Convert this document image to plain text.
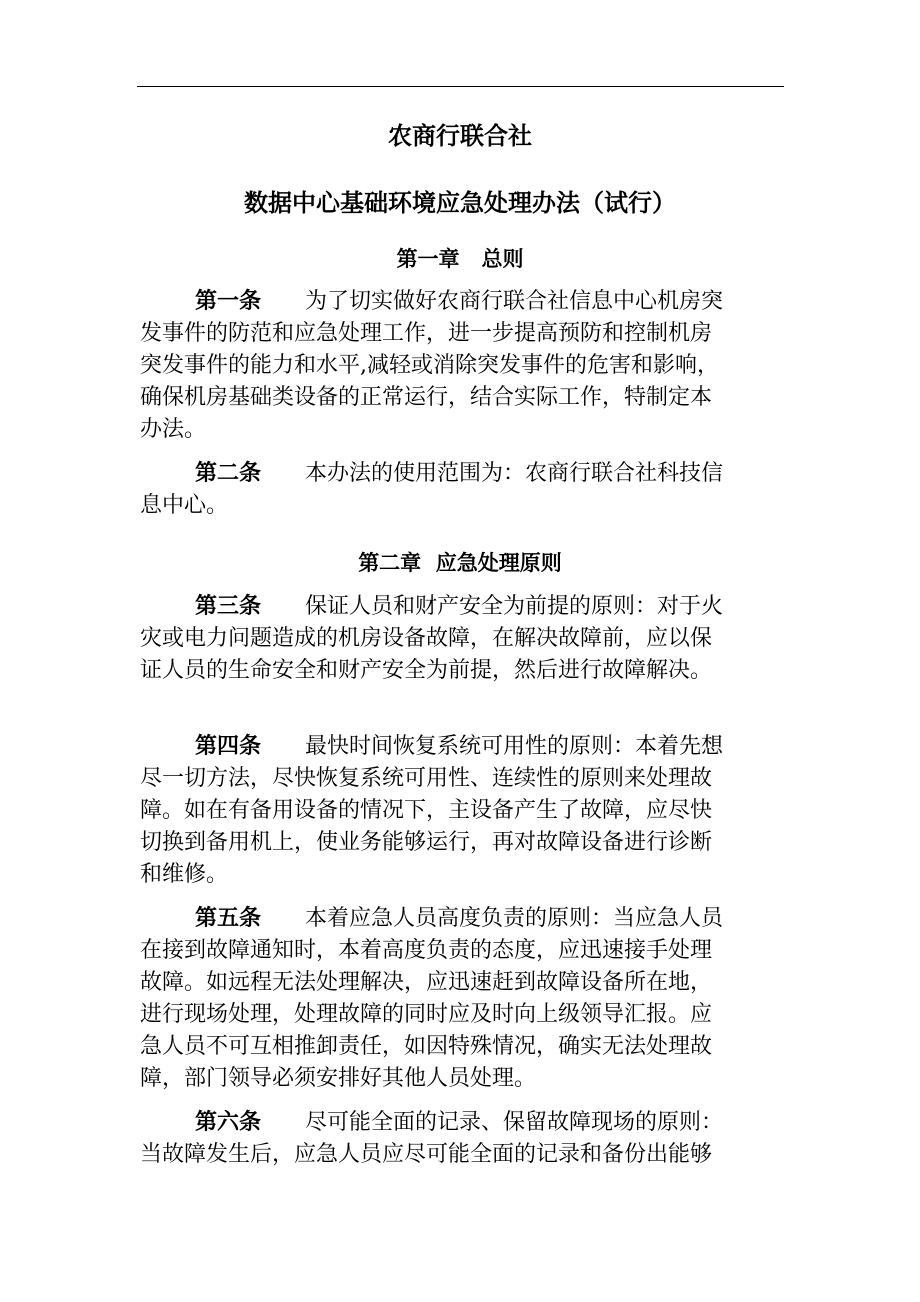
农商行联合社
数据中心基础环境应急处理办法（试行）
第一章   总则
第一条 为了切实做好农商行联合社信息中心机房突
发事件的防范和应急处理工作，进一步提高预防和控制机房
突发事件的能力和水平,减轻或消除突发事件的危害和影响，
确保机房基础类设备的正常运行，结合实际工作，特制定本
办法。
第二条 本办法的使用范围为：农商行联合社科技信
息中心。
第二章  应急处理原则
第三条 保证人员和财产安全为前提的原则：对于火
灾或电力问题造成的机房设备故障，在解决故障前，应以保
证人员的生命安全和财产安全为前提，然后进行故障解决。
第四条 最快时间恢复系统可用性的原则：本着先想
尽一切方法，尽快恢复系统可用性、连续性的原则来处理故
障。如在有备用设备的情况下，主设备产生了故障，应尽快
切换到备用机上，使业务能够运行，再对故障设备进行诊断
和维修。
第五条 本着应急人员高度负责的原则：当应急人员
在接到故障通知时，本着高度负责的态度，应迅速接手处理
故障。如远程无法处理解决，应迅速赶到故障设备所在地，
进行现场处理，处理故障的同时应及时向上级领导汇报。应
急人员不可互相推卸责任，如因特殊情况，确实无法处理故
障，部门领导必须安排好其他人员处理。
第六条 尽可能全面的记录、保留故障现场的原则：
当故障发生后，应急人员应尽可能全面的记录和备份出能够
